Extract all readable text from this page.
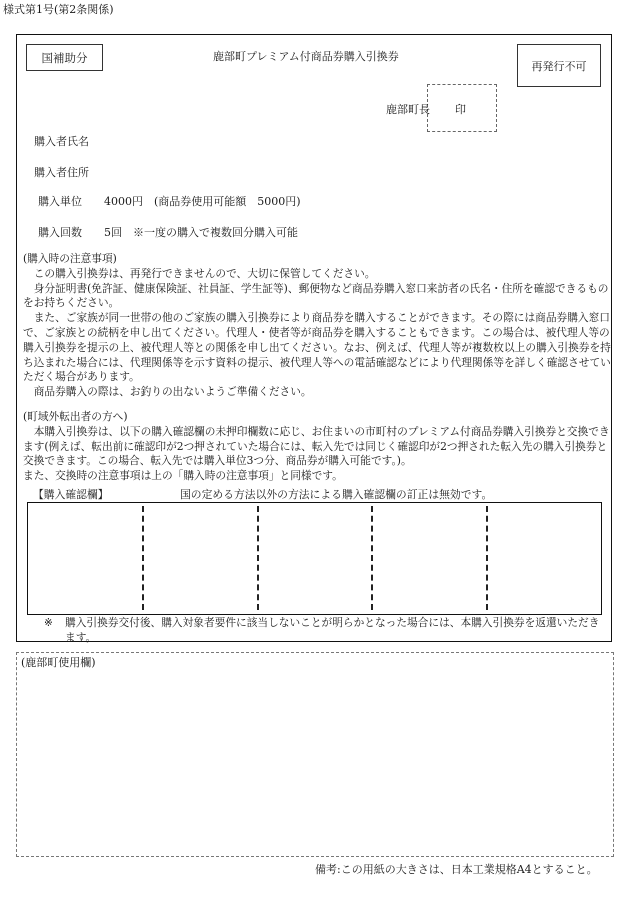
様式第1号(第2条関係)
国補助分	鹿部町プレミアム付商品券購入引換券
再発行不可
鹿部町長 印
購入者氏名
購入者住所
購入単位　　4000円　(商品券使用可能額　5000円)
購入回数　　5回　※一度の購入で複数回分購入可能

(購入時の注意事項)

この購入引換券は、再発行できませんので、大切に保管してください。

身分証明書(免許証、健康保険証、社員証、学生証等)、郵便物など商品券購入窓口来訪者の氏名・住所を確認できるものをお持ちください。

また、ご家族が同一世帯の他のご家族の購入引換券により商品券を購入することができます。その際には商品券購入窓口で、ご家族との続柄を申し出てください。代理人・使者等が商品券を購入することもできます。この場合は、被代理人等の購入引換券を提示の上、被代理人等との関係を申し出てください。なお、例えば、代理人等が複数枚以上の購入引換券を持ち込まれた場合には、代理関係等を示す資料の提示、被代理人等への電話確認などにより代理関係等を詳しく確認させていただく場合があります。

商品券購入の際は、お釣りの出ないようご準備ください。

(町域外転出者の方へ)

本購入引換券は、以下の購入確認欄の未押印欄数に応じ、お住まいの市町村のプレミアム付商品券購入引換券と交換できます(例えば、転出前に確認印が2つ押されていた場合には、転入先では同じく確認印が2つ押された転入先の購入引換券と交換できます。この場合、転入先では購入単位3つ分、商品券が購入可能です。)。

また、交換時の注意事項は上の「購入時の注意事項」と同様です。

【購入確認欄】	国の定める方法以外の方法による購入確認欄の訂正は無効です。
※ 購入引換券交付後、購入対象者要件に該当しないことが明らかとなった場合には、本購入引換券を返還いただきます。
(鹿部町使用欄)
備考:この用紙の大きさは、日本工業規格A4とすること。
